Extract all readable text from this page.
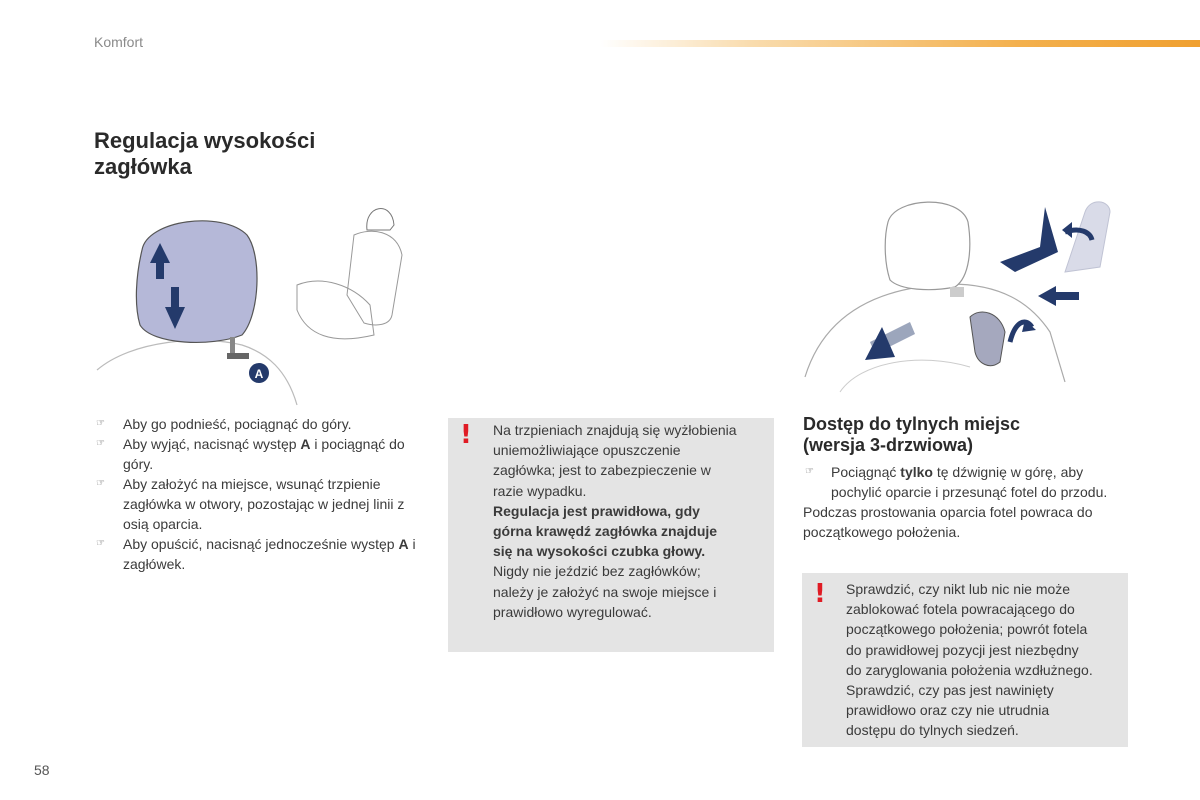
Komfort
Regulacja wysokości
zagłówka
A
☞ Aby go podnieść, pociągnąć do góry.
☞ Aby wyjąć, nacisnąć występ A i pociągnąć do góry.
☞ Aby założyć na miejsce, wsunąć trzpienie zagłówka w otwory, pozostając w jednej linii z osią oparcia.
☞ Aby opuścić, nacisnąć jednocześnie występ A i zagłówek.
! Na trzpieniach znajdują się wyżłobienia
uniemożliwiające opuszczenie
zagłówka; jest to zabezpieczenie w
razie wypadku.
Regulacja jest prawidłowa, gdy
górna krawędź zagłówka znajduje
się na wysokości czubka głowy.
Nigdy nie jeździć bez zagłówków;
należy je założyć na swoje miejsce i
prawidłowo wyregulować.
Dostęp do tylnych miejsc
(wersja 3-drzwiowa)
☞ Pociągnąć tylko tę dźwignię w górę, aby pochylić oparcie i przesunąć fotel do przodu.
Podczas prostowania oparcia fotel powraca do początkowego położenia.
! Sprawdzić, czy nikt lub nic nie może
zablokować fotela powracającego do
początkowego położenia; powrót fotela
do prawidłowej pozycji jest niezbędny
do zaryglowania położenia wzdłużnego.
Sprawdzić, czy pas jest nawinięty
prawidłowo oraz czy nie utrudnia
dostępu do tylnych siedzeń.
58
